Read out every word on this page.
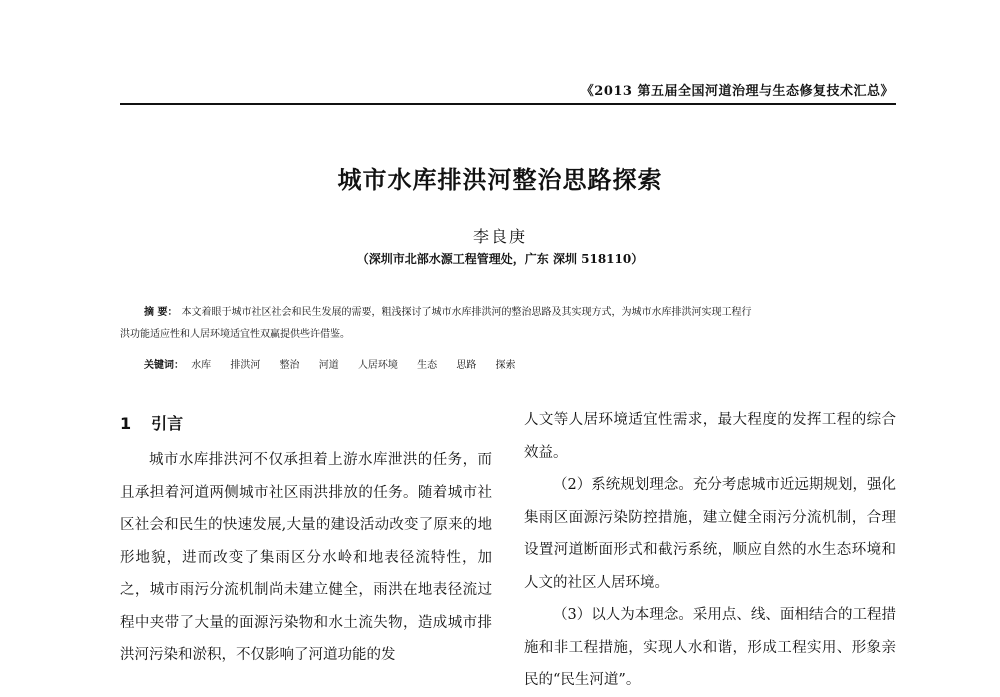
《2013 第五届全国河道治理与生态修复技术汇总》
城市水库排洪河整治思路探索
李良庚
（深圳市北部水源工程管理处，广东 深圳 518110）

摘 要： 本文着眼于城市社区社会和民生发展的需要，粗浅探讨了城市水库排洪河的整治思路及其实现方式，为城市水库排洪河实现工程行

洪功能适应性和人居环境适宜性双赢提供些许借鉴。

关键词： 水库 排洪河 整治 河道 人居环境 生态 思路 探索
1 引言

城市水库排洪河不仅承担着上游水库泄洪的任务，而且承担着河道两侧城市社区雨洪排放的任务。随着城市社区社会和民生的快速发展,大量的建设活动改变了原来的地形地貌，进而改变了集雨区分水岭和地表径流特性，加之，城市雨污分流机制尚未建立健全，雨洪在地表径流过程中夹带了大量的面源污染物和水土流失物，造成城市排洪河污染和淤积，不仅影响了河道功能的发

人文等人居环境适宜性需求，最大程度的发挥工程的综合效益。

（2）系统规划理念。充分考虑城市近远期规划，强化集雨区面源污染防控措施，建立健全雨污分流机制，合理设置河道断面形式和截污系统，顺应自然的水生态环境和人文的社区人居环境。

（3）以人为本理念。采用点、线、面相结合的工程措施和非工程措施，实现人水和谐，形成工程实用、形象亲民的“民生河道”。
